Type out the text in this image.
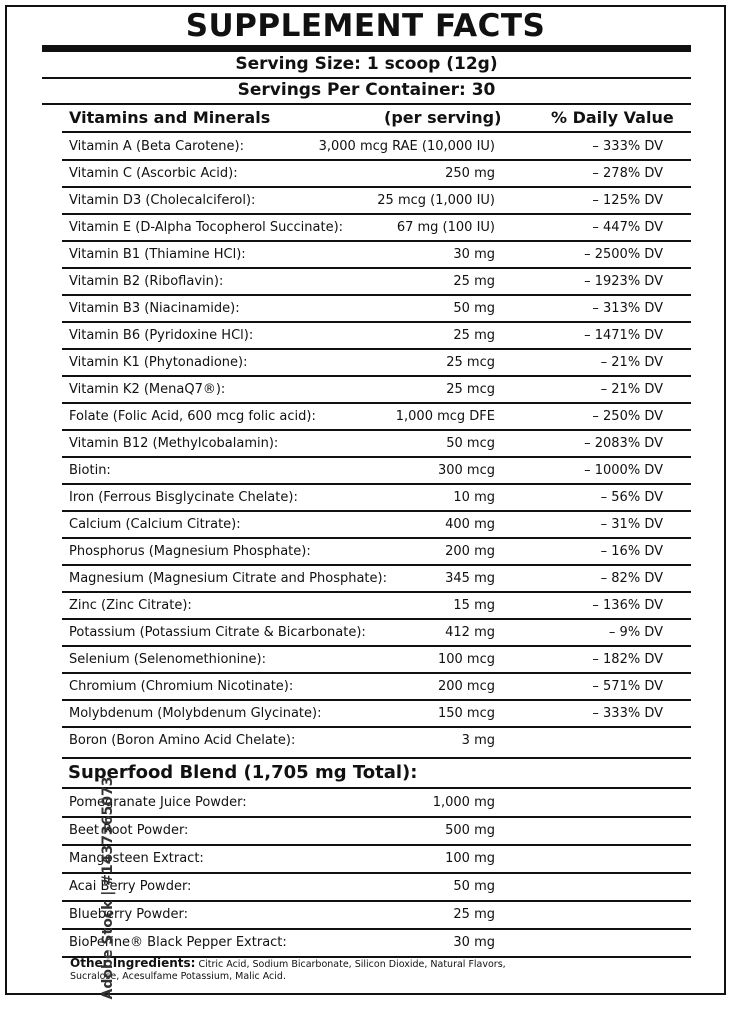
SUPPLEMENT FACTS
Serving Size: 1 scoop (12g)
Servings Per Container: 30
Vitamins and Minerals	(per serving)	% Daily Value
Vitamin A (Beta Carotene):	3,000 mcg RAE (10,000 IU)	– 333% DV
Vitamin C (Ascorbic Acid):	250 mg	– 278% DV
Vitamin D3 (Cholecalciferol):	25 mcg (1,000 IU)	– 125% DV
Vitamin E (D-Alpha Tocopherol Succinate):	67 mg (100 IU)	– 447% DV
Vitamin B1 (Thiamine HCl):	30 mg	– 2500% DV
Vitamin B2 (Riboflavin):	25 mg	– 1923% DV
Vitamin B3 (Niacinamide):	50 mg	– 313% DV
Vitamin B6 (Pyridoxine HCl):	25 mg	– 1471% DV
Vitamin K1 (Phytonadione):	25 mcg	– 21% DV
Vitamin K2 (MenaQ7®):	25 mcg	– 21% DV
Folate (Folic Acid, 600 mcg folic acid):	1,000 mcg DFE	– 250% DV
Vitamin B12 (Methylcobalamin):	50 mcg	– 2083% DV
Biotin:	300 mcg	– 1000% DV
Iron (Ferrous Bisglycinate Chelate):	10 mg	– 56% DV
Calcium (Calcium Citrate):	400 mg	– 31% DV
Phosphorus (Magnesium Phosphate):	200 mg	– 16% DV
Magnesium (Magnesium Citrate and Phosphate):	345 mg	– 82% DV
Zinc (Zinc Citrate):	15 mg	– 136% DV
Potassium (Potassium Citrate & Bicarbonate):	412 mg	– 9% DV
Selenium (Selenomethionine):	100 mcg	– 182% DV
Chromium (Chromium Nicotinate):	200 mcg	– 571% DV
Molybdenum (Molybdenum Glycinate):	150 mcg	– 333% DV
Boron (Boron Amino Acid Chelate):	3 mg
Superfood Blend (1,705 mg Total):
Pomegranate Juice Powder:	1,000 mg
Beet Root Powder:	500 mg
Mangosteen Extract:	100 mg
Acai Berry Powder:	50 mg
Blueberry Powder:	25 mg
BioPerine® Black Pepper Extract:	30 mg
Other Ingredients: Citric Acid, Sodium Bicarbonate, Silicon Dioxide, Natural Flavors, Sucralose, Acesulfame Potassium, Malic Acid.
Adobe Stock | #1437365073
